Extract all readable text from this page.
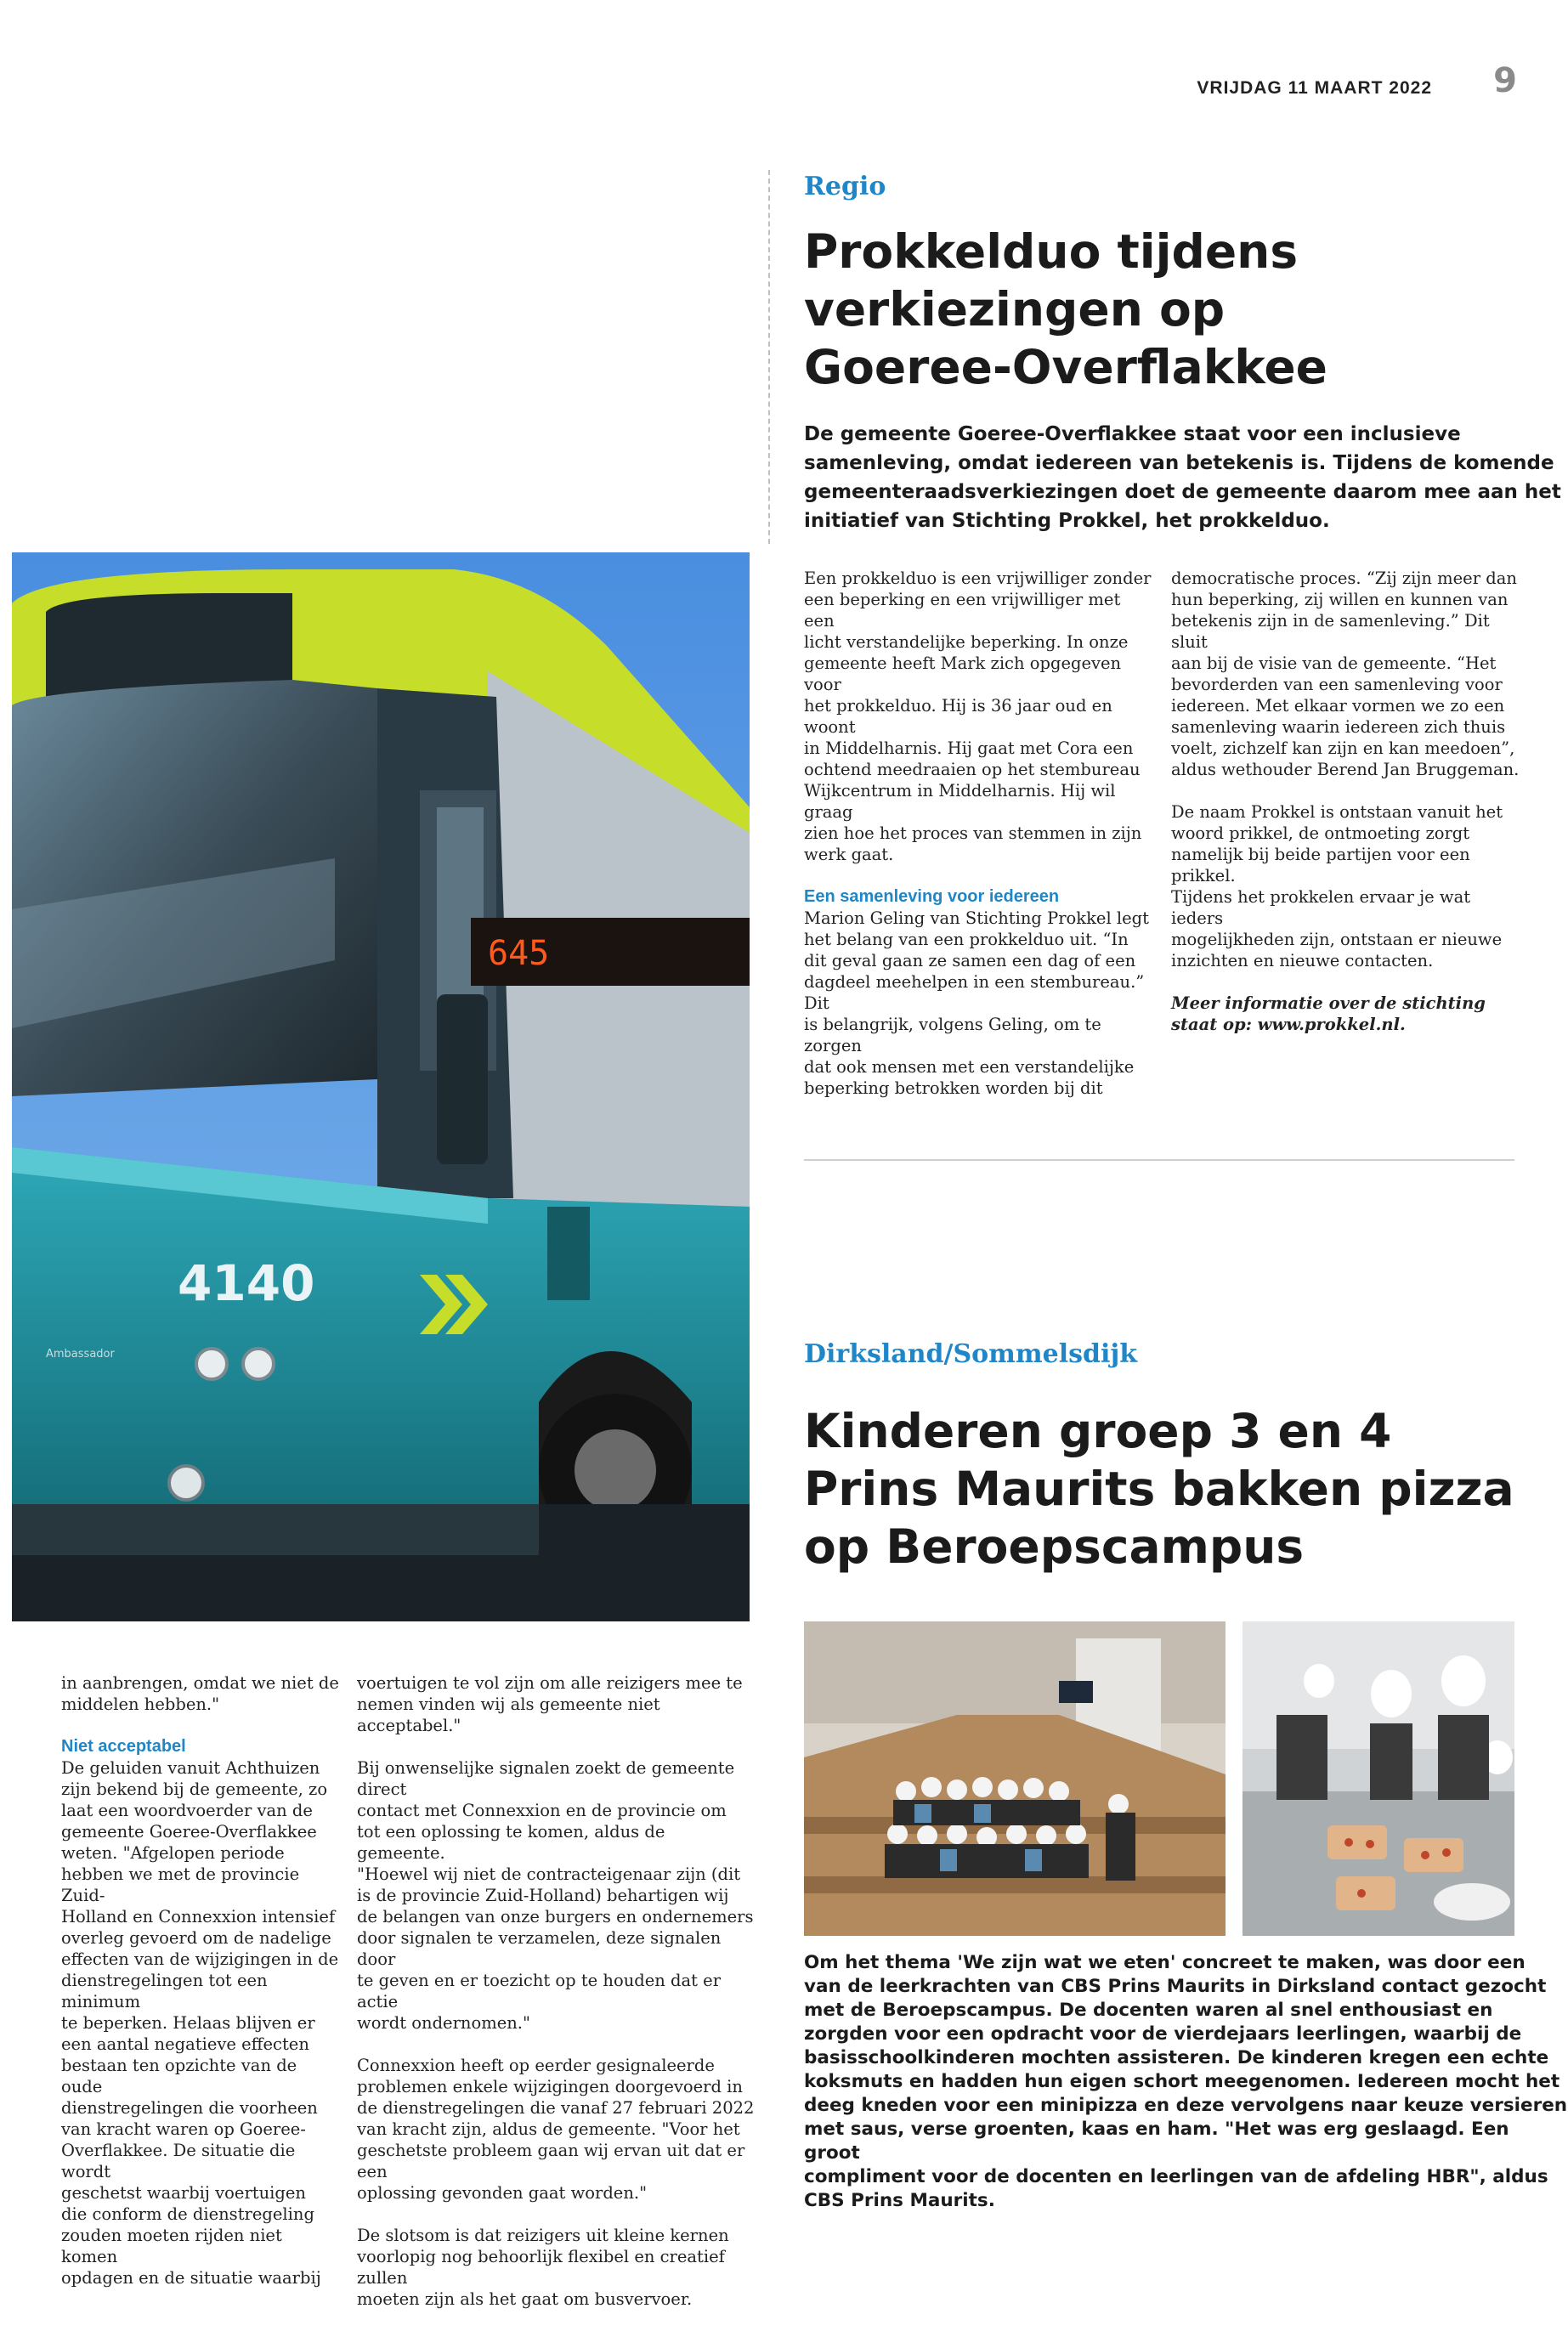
VRIJDAG 11 MAART 2022 9
Regio
Prokkelduo tijdens
verkiezingen op
Goeree-Overflakkee
De gemeente Goeree-Overflakkee staat voor een inclusieve
samenleving, omdat iedereen van betekenis is. Tijdens de komende
gemeenteraadsverkiezingen doet de gemeente daarom mee aan het
initiatief van Stichting Prokkel, het prokkelduo.

Een prokkelduo is een vrijwilliger zonder
een beperking en een vrijwilliger met een
licht verstandelijke beperking. In onze
gemeente heeft Mark zich opgegeven voor
het prokkelduo. Hij is 36 jaar oud en woont
in Middelharnis. Hij gaat met Cora een
ochtend meedraaien op het stembureau
Wijkcentrum in Middelharnis. Hij wil graag
zien hoe het proces van stemmen in zijn
werk gaat.

Een samenleving voor iedereen

Marion Geling van Stichting Prokkel legt
het belang van een prokkelduo uit. “In
dit geval gaan ze samen een dag of een
dagdeel meehelpen in een stembureau.” Dit
is belangrijk, volgens Geling, om te zorgen
dat ook mensen met een verstandelijke
beperking betrokken worden bij dit

democratische proces. “Zij zijn meer dan
hun beperking, zij willen en kunnen van
betekenis zijn in de samenleving.” Dit sluit
aan bij de visie van de gemeente. “Het
bevorderden van een samenleving voor
iedereen. Met elkaar vormen we zo een
samenleving waarin iedereen zich thuis
voelt, zichzelf kan zijn en kan meedoen”,
aldus wethouder Berend Jan Bruggeman.

De naam Prokkel is ontstaan vanuit het
woord prikkel, de ontmoeting zorgt
namelijk bij beide partijen voor een prikkel.
Tijdens het prokkelen ervaar je wat ieders
mogelijkheden zijn, ontstaan er nieuwe
inzichten en nieuwe contacten.

Meer informatie over de stichting
staat op: www.prokkel.nl.

645
4140
Ambassador	Dirksland/Sommelsdijk
Kinderen groep 3 en 4
Prins Maurits bakken pizza
op Beroepscampus
Om het thema 'We zijn wat we eten' concreet te maken, was door een
van de leerkrachten van CBS Prins Maurits in Dirksland contact gezocht
met de Beroepscampus. De docenten waren al snel enthousiast en
zorgden voor een opdracht voor de vierdejaars leerlingen, waarbij de
basisschoolkinderen mochten assisteren. De kinderen kregen een echte
koksmuts en hadden hun eigen schort meegenomen. Iedereen mocht het
deeg kneden voor een minipizza en deze vervolgens naar keuze versieren
met saus, verse groenten, kaas en ham. "Het was erg geslaagd. Een groot
compliment voor de docenten en leerlingen van de afdeling HBR", aldus
CBS Prins Maurits.

in aanbrengen, omdat we niet de
middelen hebben."

Niet acceptabel

De geluiden vanuit Achthuizen
zijn bekend bij de gemeente, zo
laat een woordvoerder van de
gemeente Goeree-Overflakkee
weten. "Afgelopen periode
hebben we met de provincie Zuid-
Holland en Connexxion intensief
overleg gevoerd om de nadelige
effecten van de wijzigingen in de
dienstregelingen tot een minimum
te beperken. Helaas blijven er
een aantal negatieve effecten
bestaan ten opzichte van de oude
dienstregelingen die voorheen
van kracht waren op Goeree-
Overflakkee. De situatie die wordt
geschetst waarbij voertuigen
die conform de dienstregeling
zouden moeten rijden niet komen
opdagen en de situatie waarbij

voertuigen te vol zijn om alle reizigers mee te
nemen vinden wij als gemeente niet acceptabel."

Bij onwenselijke signalen zoekt de gemeente direct
contact met Connexxion en de provincie om
tot een oplossing te komen, aldus de gemeente.
"Hoewel wij niet de contracteigenaar zijn (dit
is de provincie Zuid-Holland) behartigen wij
de belangen van onze burgers en ondernemers
door signalen te verzamelen, deze signalen door
te geven en er toezicht op te houden dat er actie
wordt ondernomen."

Connexxion heeft op eerder gesignaleerde
problemen enkele wijzigingen doorgevoerd in
de dienstregelingen die vanaf 27 februari 2022
van kracht zijn, aldus de gemeente. "Voor het
geschetste probleem gaan wij ervan uit dat er een
oplossing gevonden gaat worden."

De slotsom is dat reizigers uit kleine kernen
voorlopig nog behoorlijk flexibel en creatief zullen
moeten zijn als het gaat om busvervoer.
